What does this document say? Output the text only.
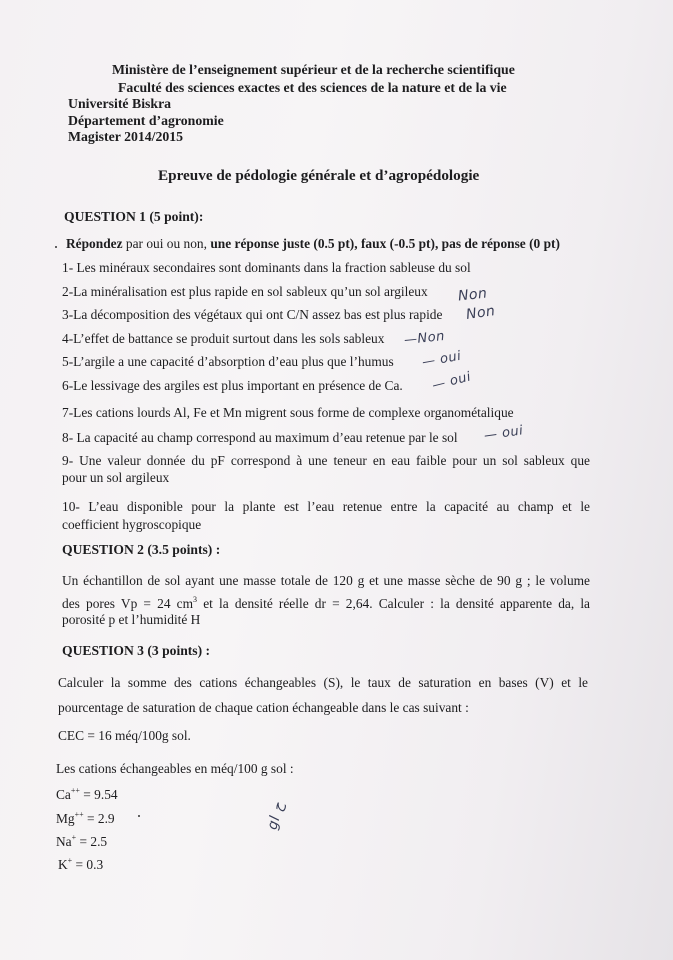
Ministère de l’enseignement supérieur et de la recherche scientifique
Faculté des sciences exactes et des sciences de la nature et de la vie
Université Biskra
Département d’agronomie
Magister 2014/2015
Epreuve de pédologie générale et d’agropédologie
QUESTION 1 (5 point):
Répondez par oui ou non, une réponse juste (0.5 pt), faux (-0.5 pt), pas de réponse (0 pt)
1- Les minéraux secondaires sont dominants dans la fraction sableuse du sol
2-La minéralisation est plus rapide en sol sableux qu’un sol argileux
3-La décomposition des végétaux qui ont C/N assez bas est plus rapide
4-L’effet de battance se produit surtout dans les sols sableux
5-L’argile a une capacité d’absorption d’eau plus que l’humus
6-Le lessivage des argiles est plus important en présence de Ca.
7-Les cations lourds Al, Fe et Mn migrent sous forme de complexe organométalique
8- La capacité au champ correspond au maximum d’eau retenue par le sol
9- Une valeur donnée du pF correspond à une teneur en eau faible pour un sol sableux que
pour un sol argileux
10- L’eau disponible pour la plante est l’eau retenue entre la capacité au champ et le
coefficient hygroscopique
Non
Non
—Non
— oui
— oui
— oui
QUESTION 2 (3.5 points) :
Un échantillon de sol ayant une masse totale de 120 g et une masse sèche de 90 g ; le volume
des pores Vp = 24 $cm^3$ et la densité réelle dr = 2,64. Calculer : la densité apparente da, la
porosité p et l’humidité H
QUESTION 3 (3 points) :
Calculer la somme des cations échangeables (S), le taux de saturation en bases (V) et le
pourcentage de saturation de chaque cation échangeable dans le cas suivant :
CEC = 16 méq/100g sol.
Les cations échangeables en méq/100 g sol :
Ca++ = 9.54
Mg++ = 2.9
Na+ = 2.5
K+ = 0.3
gl ح
